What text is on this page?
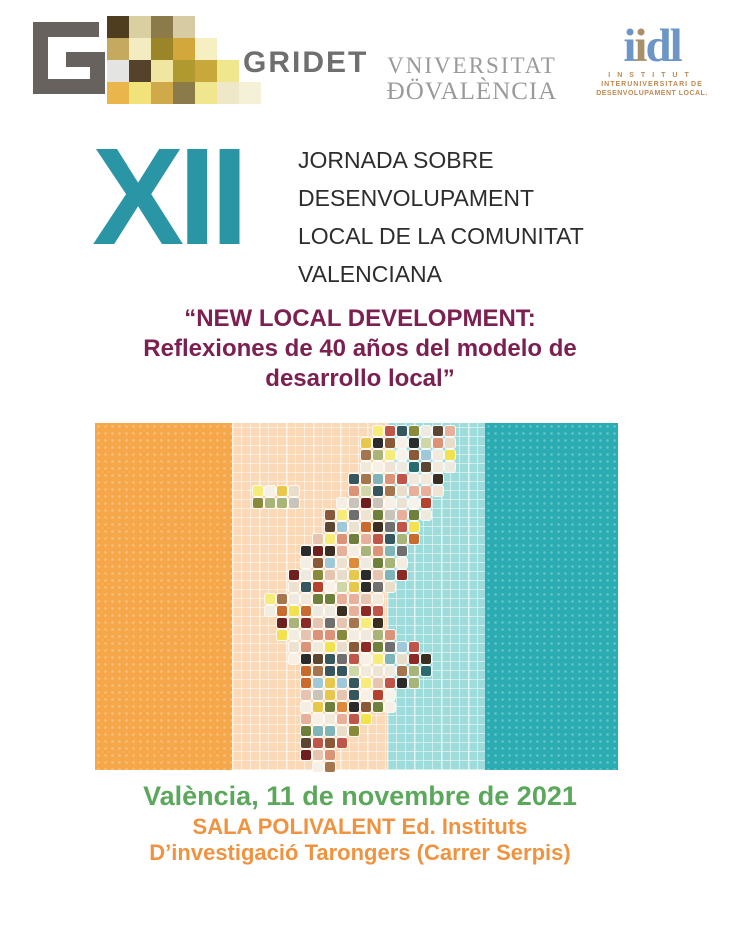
GRIDET VNIVERSITAT
ĐÖVALÈNCIA
iidl
INSTITUT
INTERUNIVERSITARI DE
DESENVOLUPAMENT LOCAL.
XII JORNADA SOBRE
DESENVOLUPAMENT
LOCAL DE LA COMUNITAT
VALENCIANA
“NEW LOCAL DEVELOPMENT:
Reflexiones de 40 años del modelo de
desarrollo local”
València, 11 de novembre de 2021
SALA POLIVALENT Ed. Instituts
D’investigació Tarongers (Carrer Serpis)
